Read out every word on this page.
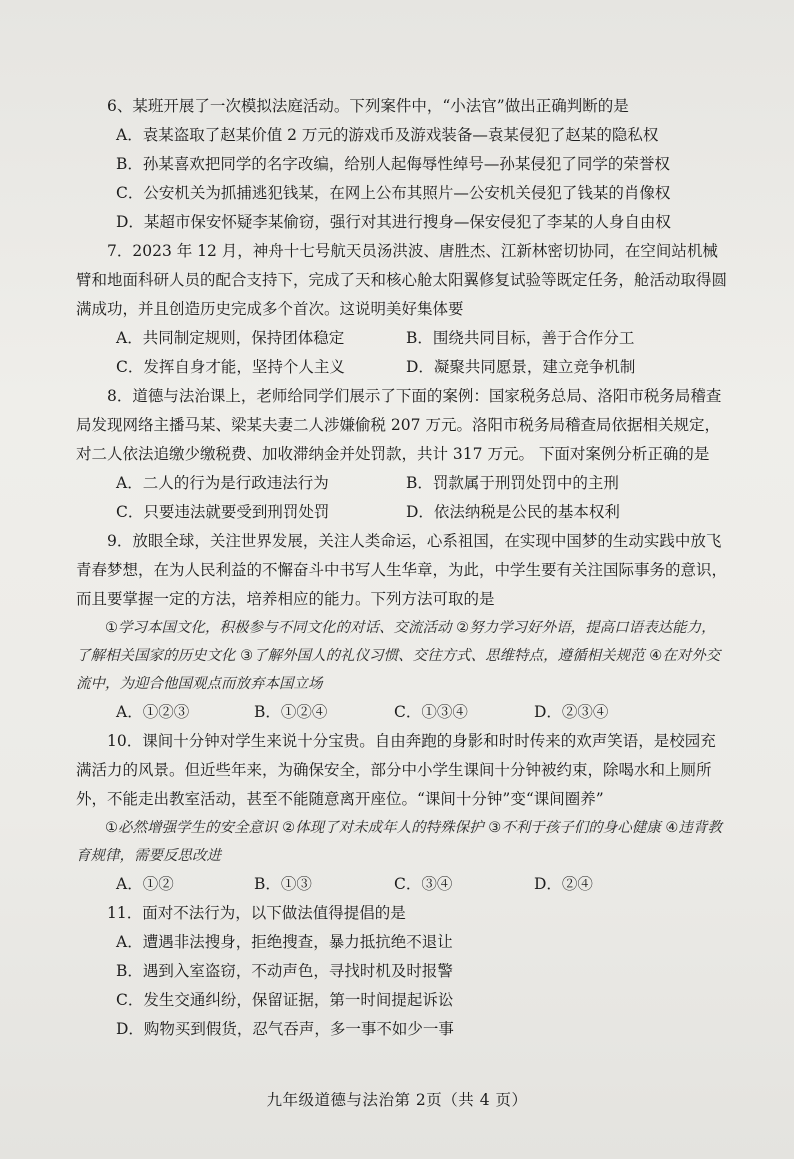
6、某班开展了一次模拟法庭活动。下列案件中，“小法官”做出正确判断的是
A．袁某盗取了赵某价值 2 万元的游戏币及游戏装备—袁某侵犯了赵某的隐私权
B．孙某喜欢把同学的名字改编，给别人起侮辱性绰号—孙某侵犯了同学的荣誉权
C．公安机关为抓捕逃犯钱某，在网上公布其照片—公安机关侵犯了钱某的肖像权
D．某超市保安怀疑李某偷窃，强行对其进行搜身—保安侵犯了李某的人身自由权
7．2023 年 12 月，神舟十七号航天员汤洪波、唐胜杰、江新林密切协同，在空间站机械臂和地面科研人员的配合支持下，完成了天和核心舱太阳翼修复试验等既定任务，舱活动取得圆满成功，并且创造历史完成多个首次。这说明美好集体要
A．共同制定规则，保持团体稳定	B．围绕共同目标，善于合作分工
C．发挥自身才能，坚持个人主义	D．凝聚共同愿景，建立竞争机制
8．道德与法治课上，老师给同学们展示了下面的案例：国家税务总局、洛阳市税务局稽查局发现网络主播马某、梁某夫妻二人涉嫌偷税 207 万元。洛阳市税务局稽查局依据相关规定，对二人依法追缴少缴税费、加收滞纳金并处罚款，共计 317 万元。 下面对案例分析正确的是
A．二人的行为是行政违法行为	B．罚款属于刑罚处罚中的主刑
C．只要违法就要受到刑罚处罚	D．依法纳税是公民的基本权利
9．放眼全球，关注世界发展，关注人类命运，心系祖国，在实现中国梦的生动实践中放飞青春梦想，在为人民利益的不懈奋斗中书写人生华章，为此，中学生要有关注国际事务的意识，而且要掌握一定的方法，培养相应的能力。下列方法可取的是
①学习本国文化，积极参与不同文化的对话、交流活动 ②努力学习好外语，提高口语表达能力，了解相关国家的历史文化 ③了解外国人的礼仪习惯、交往方式、思维特点，遵循相关规范 ④在对外交流中，为迎合他国观点而放弃本国立场
A．①②③	B．①②④	C．①③④	D．②③④
10．课间十分钟对学生来说十分宝贵。自由奔跑的身影和时时传来的欢声笑语，是校园充满活力的风景。但近些年来，为确保安全，部分中小学生课间十分钟被约束，除喝水和上厕所外，不能走出教室活动，甚至不能随意离开座位。“课间十分钟”变“课间圈养”
①必然增强学生的安全意识 ②体现了对未成年人的特殊保护 ③不利于孩子们的身心健康 ④违背教育规律，需要反思改进
A．①②	B．①③	C．③④	D．②④
11．面对不法行为，以下做法值得提倡的是
A．遭遇非法搜身，拒绝搜查，暴力抵抗绝不退让
B．遇到入室盗窃，不动声色，寻找时机及时报警
C．发生交通纠纷，保留证据，第一时间提起诉讼
D．购物买到假货，忍气吞声，多一事不如少一事
九年级道德与法治第 2页（共 4 页）
